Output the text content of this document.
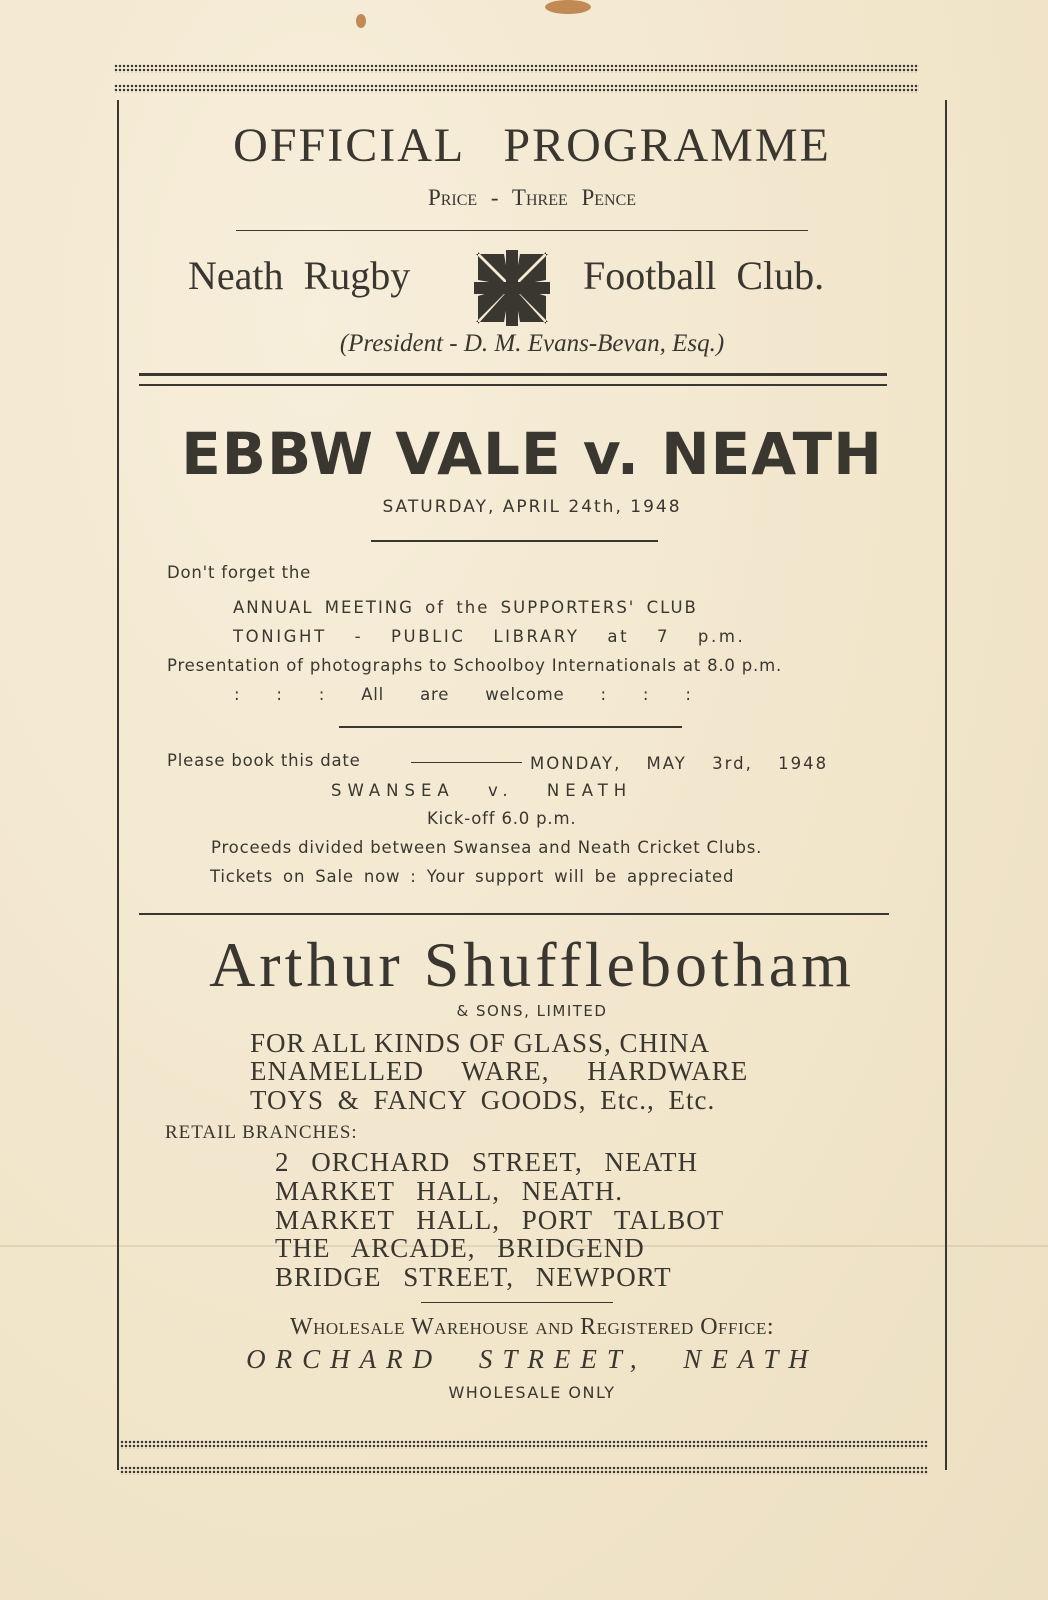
OFFICIAL PROGRAMME
Price - Three Pence
Neath Rugby	Football Club.
(President - D. M. Evans-Bevan, Esq.)
EBBW VALE v. NEATH
SATURDAY, APRIL 24th, 1948
Don't forget the
ANNUAL MEETING of the SUPPORTERS' CLUB
TONIGHT - PUBLIC LIBRARY at 7 p.m.
Presentation of photographs to Schoolboy Internationals at 8.0 p.m.
: : : All are welcome : : :
Please book this date	MONDAY, MAY 3rd, 1948
SWANSEA v. NEATH
Kick-off 6.0 p.m.
Proceeds divided between Swansea and Neath Cricket Clubs.
Tickets on Sale now : Your support will be appreciated
Arthur Shufflebotham
& SONS, LIMITED
FOR ALL KINDS OF GLASS, CHINA
ENAMELLED WARE, HARDWARE
TOYS & FANCY GOODS, Etc., Etc.
RETAIL BRANCHES:
2 ORCHARD STREET, NEATH
MARKET HALL, NEATH.
MARKET HALL, PORT TALBOT
THE ARCADE, BRIDGEND
BRIDGE STREET, NEWPORT
Wholesale Warehouse and Registered Office:
ORCHARD STREET, NEATH
WHOLESALE ONLY
